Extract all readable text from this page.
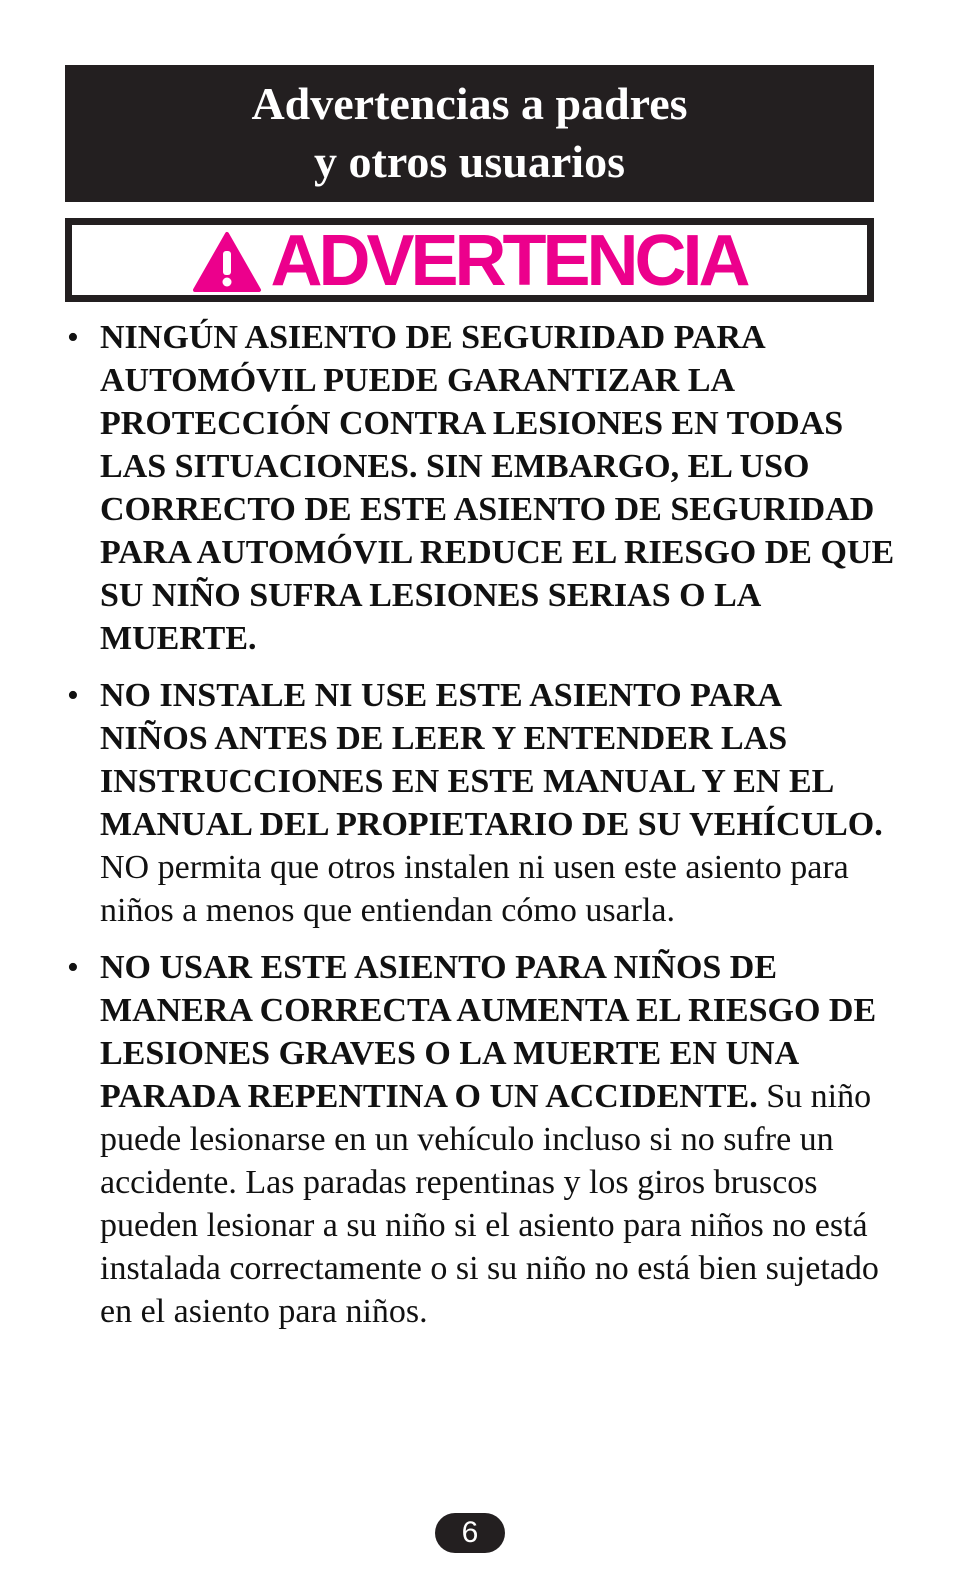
Advertencias a padres
y otros usuarios
ADVERTENCIA
• NINGÚN ASIENTO DE SEGURIDAD PARA AUTOMÓVIL PUEDE GARANTIZAR LA PROTECCIÓN CONTRA LESIONES EN TODAS LAS SITUACIONES. SIN EMBARGO, EL USO CORRECTO DE ESTE ASIENTO DE SEGURIDAD PARA AUTOMÓVIL REDUCE EL RIESGO DE QUE SU NIÑO SUFRA LESIONES SERIAS O LA MUERTE.
• NO INSTALE NI USE ESTE ASIENTO PARA NIÑOS ANTES DE LEER Y ENTENDER LAS INSTRUCCIONES EN ESTE MANUAL Y EN EL MANUAL DEL PROPIETARIO DE SU VEHÍCULO. NO permita que otros instalen ni usen este asiento para niños a menos que entiendan cómo usarla.
• NO USAR ESTE ASIENTO PARA NIÑOS DE MANERA CORRECTA AUMENTA EL RIESGO DE LESIONES GRAVES O LA MUERTE EN UNA PARADA REPENTINA O UN ACCIDENTE. Su niño puede lesionarse en un vehículo incluso si no sufre un accidente. Las paradas repentinas y los giros bruscos pueden lesionar a su niño si el asiento para niños no está instalada correctamente o si su niño no está bien sujetado en el asiento para niños.
6
